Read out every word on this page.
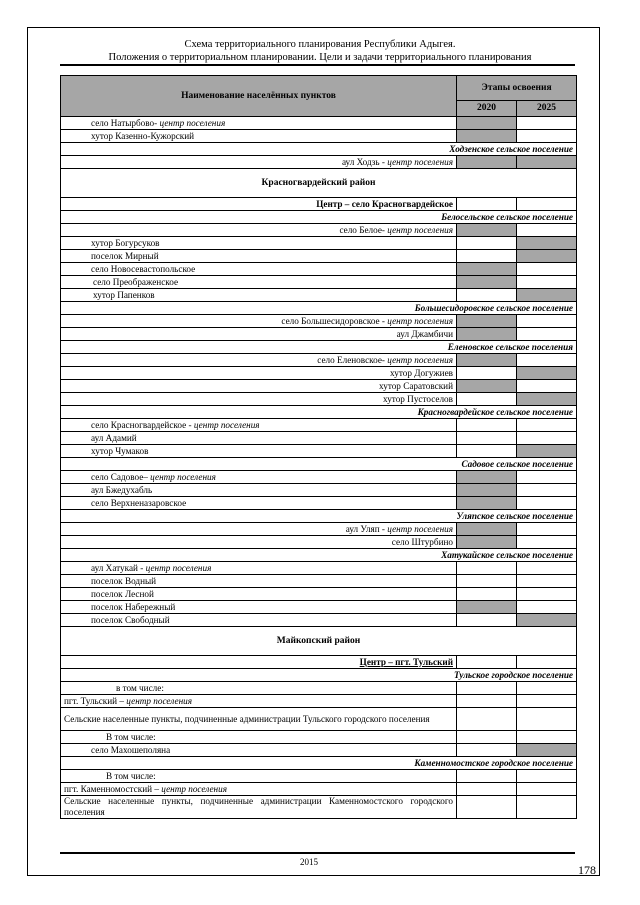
Схема территориального планирования Республики Адыгея.
Положения о территориальном планировании. Цели и задачи территориального планирования
Наименование населённых пунктов	Этапы освоения	
	2020	2025
село Натырбово- центр поселения		
хутор Казенно-Кужорский		
Ходзенское сельское поселение		
аул Ходзь - центр поселения		
Красногвардейский район		
Центр – село Красногвардейское		
Белосельское сельское поселение		
село Белое- центр поселения		
хутор Богурсуков		
поселок Мирный		
село Новосевастопольское		
село Преображенское		
хутор Папенков		
Большесидоровское сельское поселение		
село Большесидоровское - центр поселения		
аул Джамбичи		
Еленовское сельское поселения		
село Еленовское- центр поселения		
хутор Догужиев		
хутор Саратовский		
хутор Пустоселов		
Красногвардейское сельское поселение		
село Красногвардейское - центр поселения		
аул Адамий		
хутор Чумаков		
Садовое сельское поселение		
село Садовое– центр поселения		
аул Бжедухабль		
село Верхненазаровское		
Уляпское сельское поселение		
аул Уляп - центр поселения		
село Штурбино		
Хатукайское сельское поселение		
аул Хатукай - центр поселения		
поселок Водный		
поселок Лесной		
поселок Набережный		
поселок Свободный		
Майкопский район		
Центр – пгт. Тульский		
Тульское городское поселение		
в том числе:		
пгт. Тульский – центр поселения		
Сельские населенные пункты, подчиненные администрации Тульского городского поселения		
В том числе:		
село Махошеполяна		
Каменномостское городское поселение		
В том числе:		
пгт. Каменномостский – центр поселения		
Сельские населенные пункты, подчиненные администрации Каменномостского городского поселения		
2015
178
